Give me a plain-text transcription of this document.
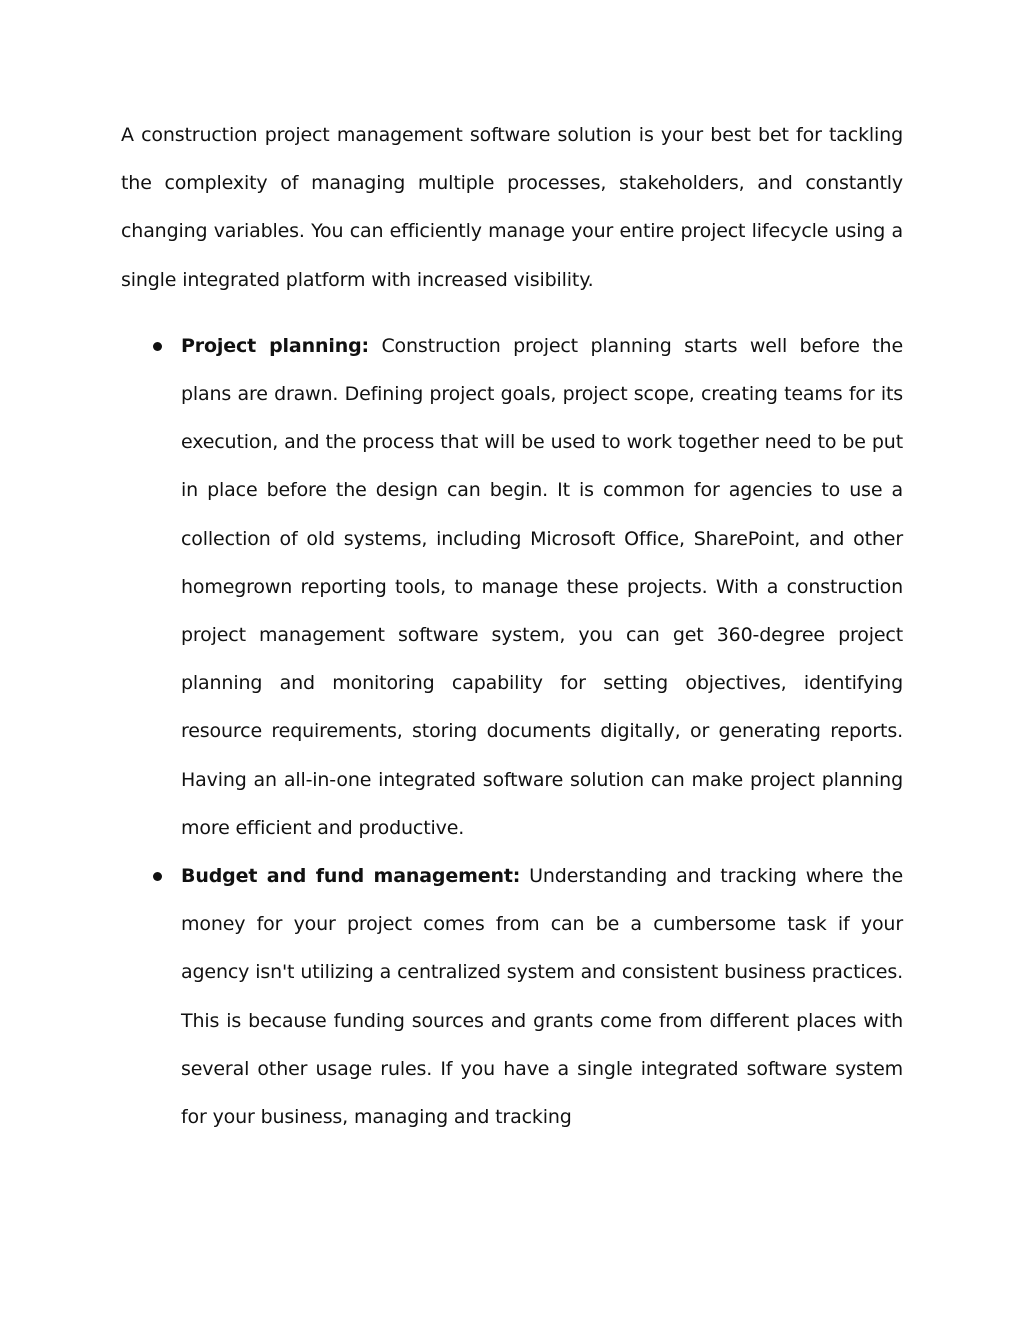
A construction project management software solution is your best bet for tackling the complexity of managing multiple processes, stakeholders, and constantly changing variables. You can efficiently manage your entire project lifecycle using a single integrated platform with increased visibility.

Project planning: Construction project planning starts well before the plans are drawn. Defining project goals, project scope, creating teams for its execution, and the process that will be used to work together need to be put in place before the design can begin. It is common for agencies to use a collection of old systems, including Microsoft Office, SharePoint, and other homegrown reporting tools, to manage these projects. With a construction project management software system, you can get 360-degree project planning and monitoring capability for setting objectives, identifying resource requirements, storing documents digitally, or generating reports. Having an all-in-one integrated software solution can make project planning more efficient and productive.
Budget and fund management: Understanding and tracking where the money for your project comes from can be a cumbersome task if your agency isn't utilizing a centralized system and consistent business practices. This is because funding sources and grants come from different places with several other usage rules. If you have a single integrated software system for your business, managing and tracking
